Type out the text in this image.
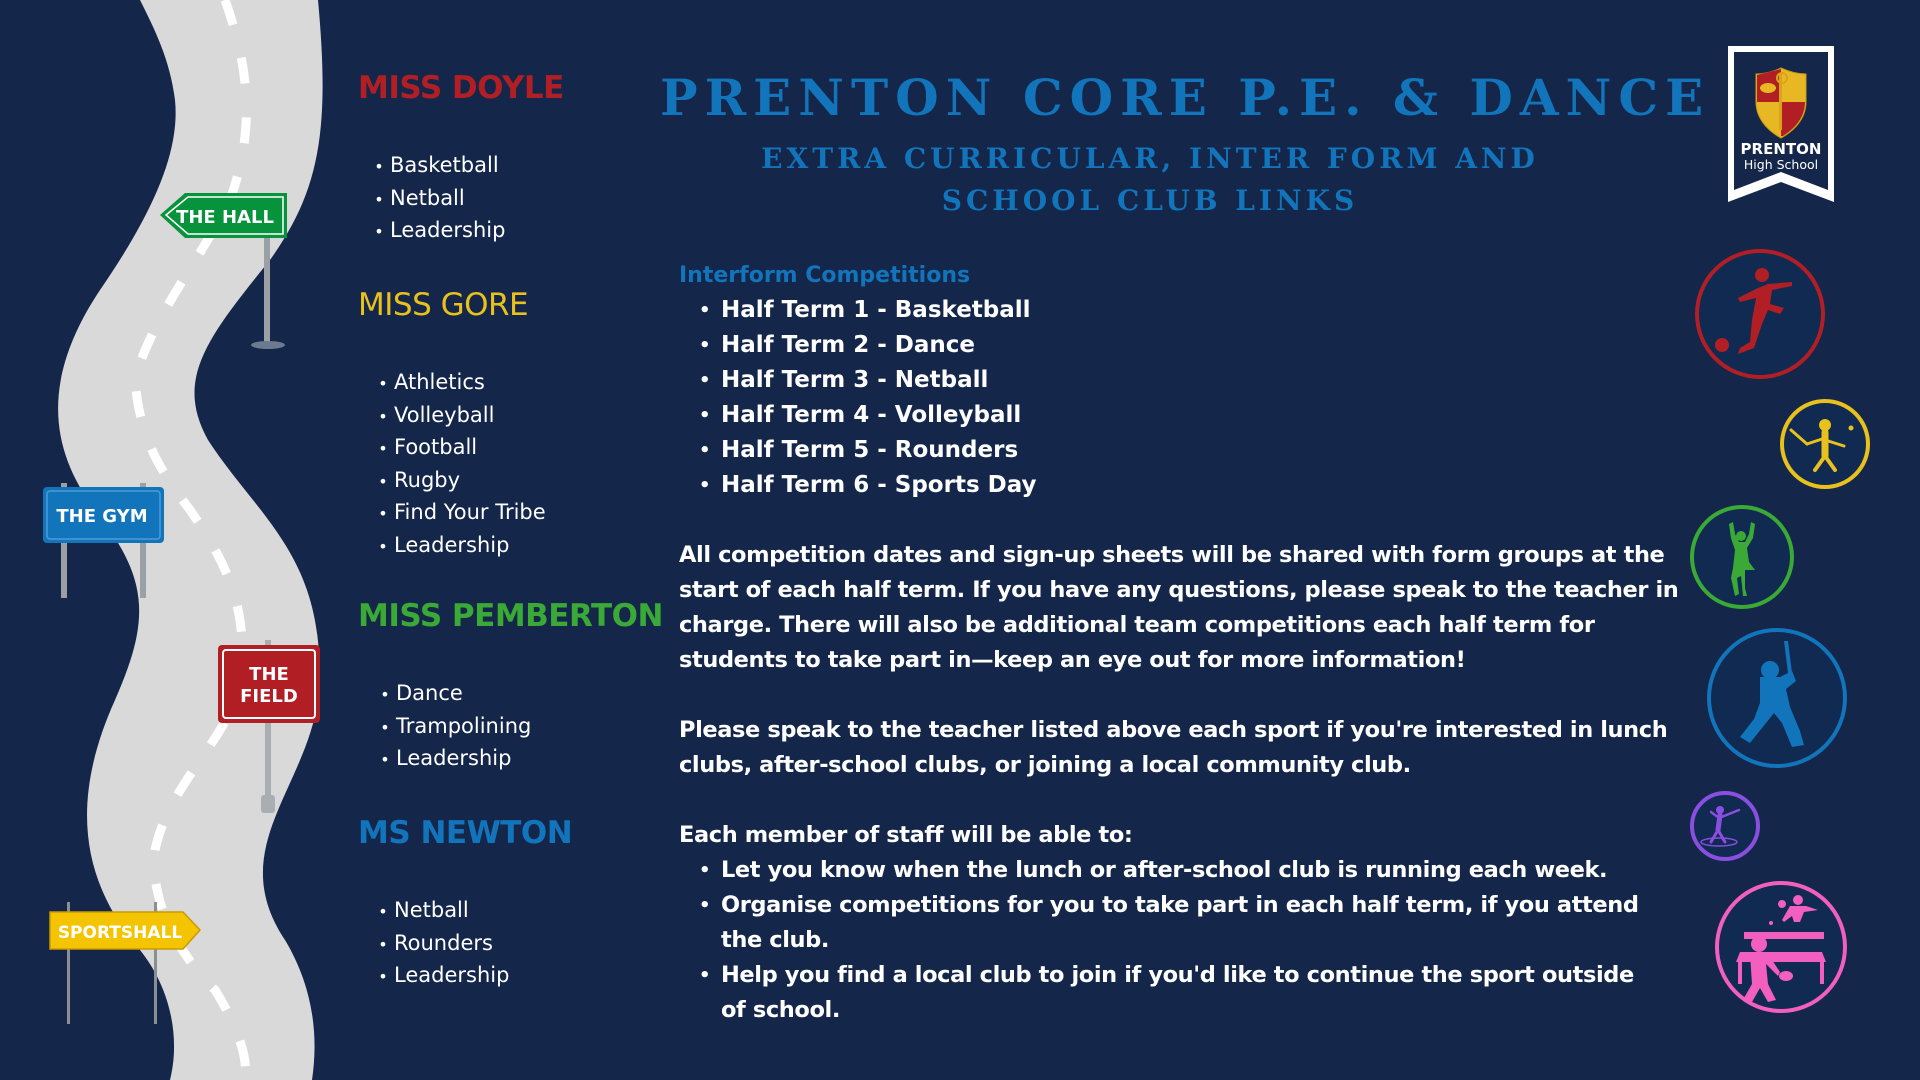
THE HALL
THE GYM
THE
FIELD
SPORTSHALL
MISS DOYLE
• Basketball
• Netball
• Leadership
MISS GORE
• Athletics
• Volleyball
• Football
• Rugby
• Find Your Tribe
• Leadership
MISS PEMBERTON
• Dance
• Trampolining
• Leadership
MS NEWTON
• Netball
• Rounders
• Leadership
PRENTON CORE P.E. & DANCE
EXTRA CURRICULAR, INTER FORM AND
SCHOOL CLUB LINKS
Interform Competitions
• Half Term 1 - Basketball
• Half Term 2 - Dance
• Half Term 3 - Netball
• Half Term 4 - Volleyball
• Half Term 5 - Rounders
• Half Term 6 - Sports Day
All competition dates and sign-up sheets will be shared with form groups at the start of each half term. If you have any questions, please speak to the teacher in charge. There will also be additional team competitions each half term for students to take part in—keep an eye out for more information!
Please speak to the teacher listed above each sport if you're interested in lunch clubs, after-school clubs, or joining a local community club.
Each member of staff will be able to:
• Let you know when the lunch or after-school club is running each week.
• Organise competitions for you to take part in each half term, if you attend the club.
• Help you find a local club to join if you'd like to continue the sport outside of school.
PRENTON
High School
